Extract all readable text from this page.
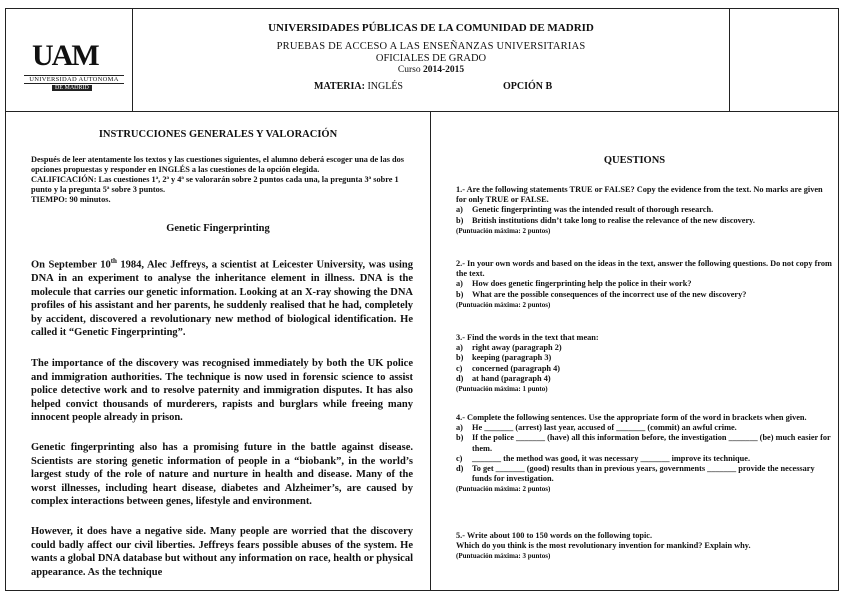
UAM
UNIVERSIDAD AUTONOMA
DE MADRID
UNIVERSIDADES PÚBLICAS DE LA COMUNIDAD DE MADRID
PRUEBAS DE ACCESO A LAS ENSEÑANZAS UNIVERSITARIAS
OFICIALES DE GRADO
Curso 2014-2015
MATERIA: INGLÉS	OPCIÓN B
INSTRUCCIONES GENERALES Y VALORACIÓN

Después de leer atentamente los textos y las cuestiones siguientes, el alumno deberá escoger una de las dos opciones propuestas y responder en INGLÉS a las cuestiones de la opción elegida.

CALIFICACIÓN: Las cuestiones 1ª, 2ª y 4ª se valorarán sobre 2 puntos cada una, la pregunta 3ª sobre 1 punto y la pregunta 5ª sobre 3 puntos.

TIEMPO: 90 minutos.

Genetic Fingerprinting
On September 10th 1984, Alec Jeffreys, a scientist at Leicester University, was using DNA in an experiment to analyse the inheritance element in illness. DNA is the molecule that carries our genetic information. Looking at an X-ray showing the DNA profiles of his assistant and her parents, he suddenly realised that he had, completely by accident, discovered a revolutionary new method of biological identification. He called it “Genetic Fingerprinting”.
The importance of the discovery was recognised immediately by both the UK police and immigration authorities. The technique is now used in forensic science to assist police detective work and to resolve paternity and immigration disputes. It has also helped convict thousands of murderers, rapists and burglars while freeing many innocent people already in prison.
Genetic fingerprinting also has a promising future in the battle against disease. Scientists are storing genetic information of people in a “biobank”, in the world’s largest study of the role of nature and nurture in health and disease. Many of the worst illnesses, including heart disease, diabetes and Alzheimer’s, are caused by complex interactions between genes, lifestyle and environment.
However, it does have a negative side. Many people are worried that the discovery could badly affect our civil liberties. Jeffreys fears possible abuses of the system. He wants a global DNA database but without any information on race, health or physical appearance. As the technique
QUESTIONS

1.- Are the following statements TRUE or FALSE? Copy the evidence from the text. No marks are given for only TRUE or FALSE.

a)	Genetic fingerprinting was the intended result of thorough research.
b)	British institutions didn’t take long to realise the relevance of the new discovery.

(Puntuación máxima: 2 puntos)

2.- In your own words and based on the ideas in the text, answer the following questions. Do not copy from the text.

a)	How does genetic fingerprinting help the police in their work?
b)	What are the possible consequences of the incorrect use of the new discovery?

(Puntuación máxima: 2 puntos)

3.- Find the words in the text that mean:

a)	right away (paragraph 2)
b)	keeping (paragraph 3)
c)	concerned (paragraph 4)
d)	at hand (paragraph 4)

(Puntuación máxima: 1 punto)

4.- Complete the following sentences. Use the appropriate form of the word in brackets when given.

a)	He _______ (arrest) last year, accused of _______ (commit) an awful crime.
b)	If the police _______ (have) all this information before, the investigation _______ (be) much easier for them.
c)	_______ the method was good, it was necessary _______ improve its technique.
d)	To get _______ (good) results than in previous years, governments _______ provide the necessary funds for investigation.

(Puntuación máxima: 2 puntos)

5.- Write about 100 to 150 words on the following topic.

Which do you think is the most revolutionary invention for mankind? Explain why.

(Puntuación máxima: 3 puntos)
